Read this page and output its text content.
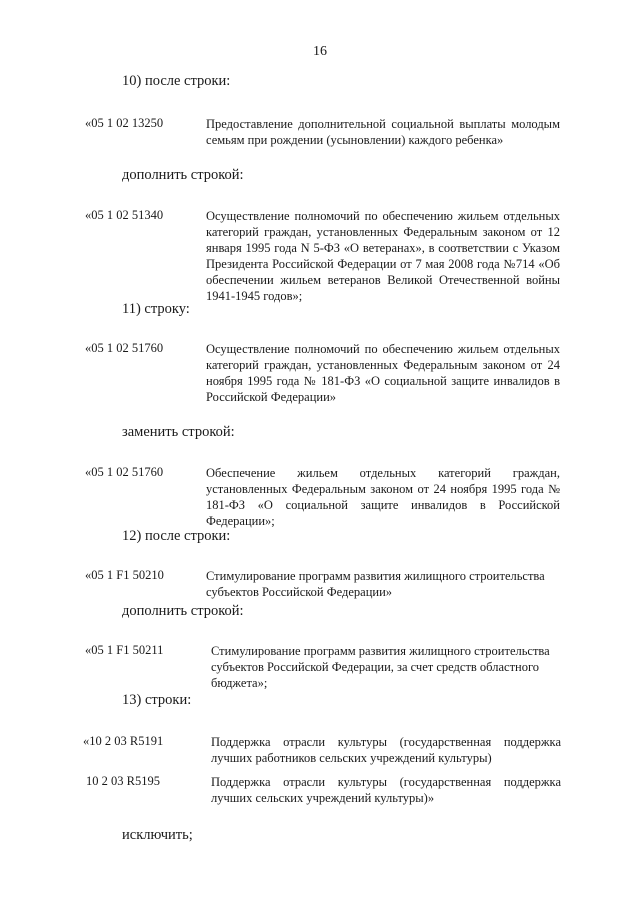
16
10) после строки:
«05 1 02 13250	Предоставление дополнительной социальной выплаты молодым семьям при рождении (усыновлении) каждого ребенка»
дополнить строкой:
«05 1 02 51340	Осуществление полномочий по обеспечению жильем отдельных категорий граждан, установленных Федеральным законом от 12 января 1995 года N 5-ФЗ «О ветеранах», в соответствии с Указом Президента Российской Федерации от 7 мая 2008 года №714 «Об обеспечении жильем ветеранов Великой Отечественной войны 1941-1945 годов»;
11) строку:
«05 1 02 51760	Осуществление полномочий по обеспечению жильем отдельных категорий граждан, установленных Федеральным законом от 24 ноября 1995 года № 181-ФЗ «О социальной защите инвалидов в Российской Федерации»
заменить строкой:
«05 1 02 51760	Обеспечение жильем отдельных категорий граждан, установленных Федеральным законом от 24 ноября 1995 года № 181-ФЗ «О социальной защите инвалидов в Российской Федерации»;
12) после строки:
«05 1 F1 50210	Стимулирование программ развития жилищного строительства субъектов Российской Федерации»
дополнить строкой:
«05 1 F1 50211	Стимулирование программ развития жилищного строительства субъектов Российской Федерации, за счет средств областного бюджета»;
13) строки:
«10 2 03 R5191	Поддержка отрасли культуры (государственная поддержка лучших работников сельских учреждений культуры)
10 2 03 R5195	Поддержка отрасли культуры (государственная поддержка лучших сельских учреждений культуры)»
исключить;
